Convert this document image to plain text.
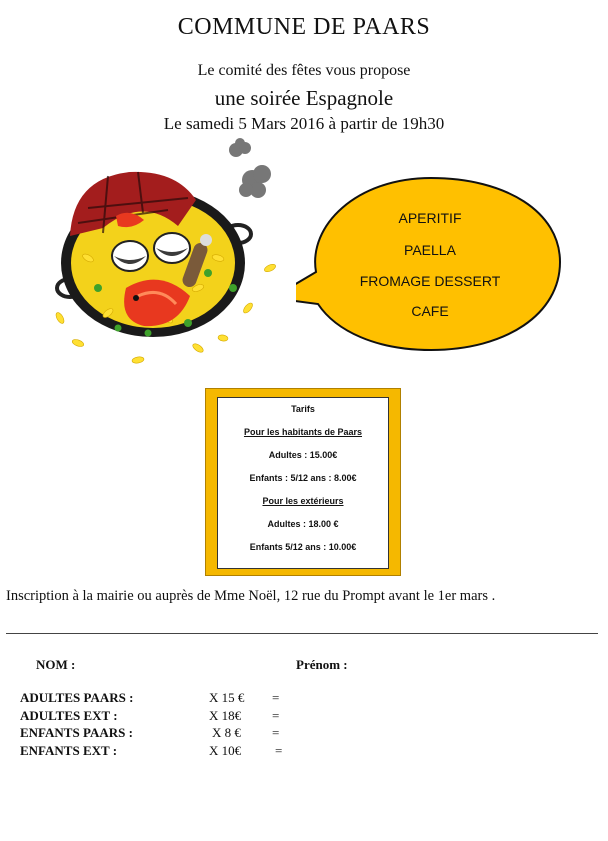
COMMUNE DE PAARS
Le comité des fêtes vous propose
une soirée Espagnole
Le samedi 5 Mars 2016 à partir de 19h30
APERITIF
PAELLA
FROMAGE DESSERT
CAFE
Tarifs
Pour les habitants de Paars
Adultes : 15.00€
Enfants : 5/12 ans : 8.00€
Pour les extérieurs
Adultes : 18.00 €
Enfants 5/12 ans : 10.00€
Inscription à la mairie ou auprès de Mme Noël, 12 rue du Prompt avant le 1er mars .
NOM :	Prénom :
ADULTES PAARS :	X 15 € =
ADULTES EXT :	X 18€ =
ENFANTS PAARS :	X 8 € =
ENFANTS EXT :	X 10€	=
